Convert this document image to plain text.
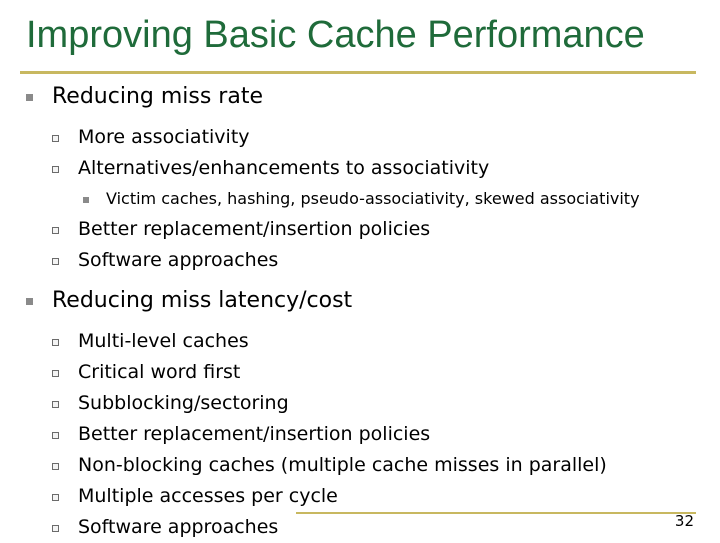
Improving Basic Cache Performance
Reducing miss rate
More associativity
Alternatives/enhancements to associativity
Victim caches, hashing, pseudo-associativity, skewed associativity
Better replacement/insertion policies
Software approaches
Reducing miss latency/cost
Multi-level caches
Critical word first
Subblocking/sectoring
Better replacement/insertion policies
Non-blocking caches (multiple cache misses in parallel)
Multiple accesses per cycle
Software approaches	32
